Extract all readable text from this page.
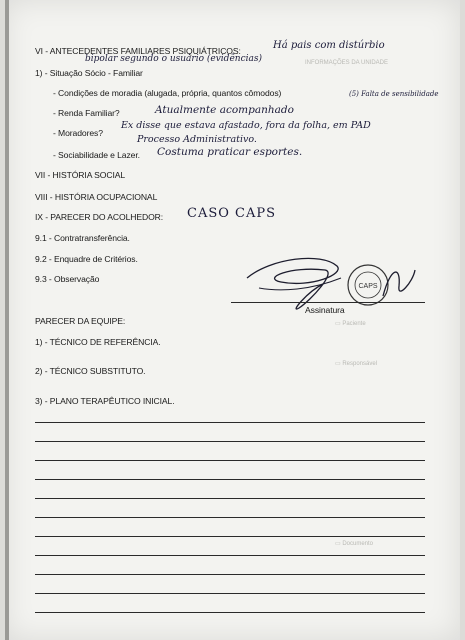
INFORMAÇÕES DA UNIDADE
▭ Paciente
▭ Responsável
▭ Documento
VI - ANTECEDENTES FAMILIARES PSIQUIÁTRICOS:	Há pais com distúrbio
bipolar segundo o usuário (evidências)
(5) Falta de sensibilidade
1) - Situação Sócio - Familiar
- Condições de moradia (alugada, própria, quantos cômodos)
- Renda Familiar?	Atualmente acompanhado
- Moradores?
Ex disse que estava afastado, fora da folha, em PAD
Processo Administrativo.
- Sociabilidade e Lazer. Costuma praticar esportes.
VII - HISTÓRIA SOCIAL
VIII - HISTÓRIA OCUPACIONAL
IX - PARECER DO ACOLHEDOR: CASO CAPS
9.1 - Contratransferência.
9.2 - Enquadre de Critérios.
9.3 - Observação
CAPS
Assinatura
PARECER DA EQUIPE:
1) - TÉCNICO DE REFERÊNCIA.
2) - TÉCNICO SUBSTITUTO.
3) - PLANO TERAPÊUTICO INICIAL.
